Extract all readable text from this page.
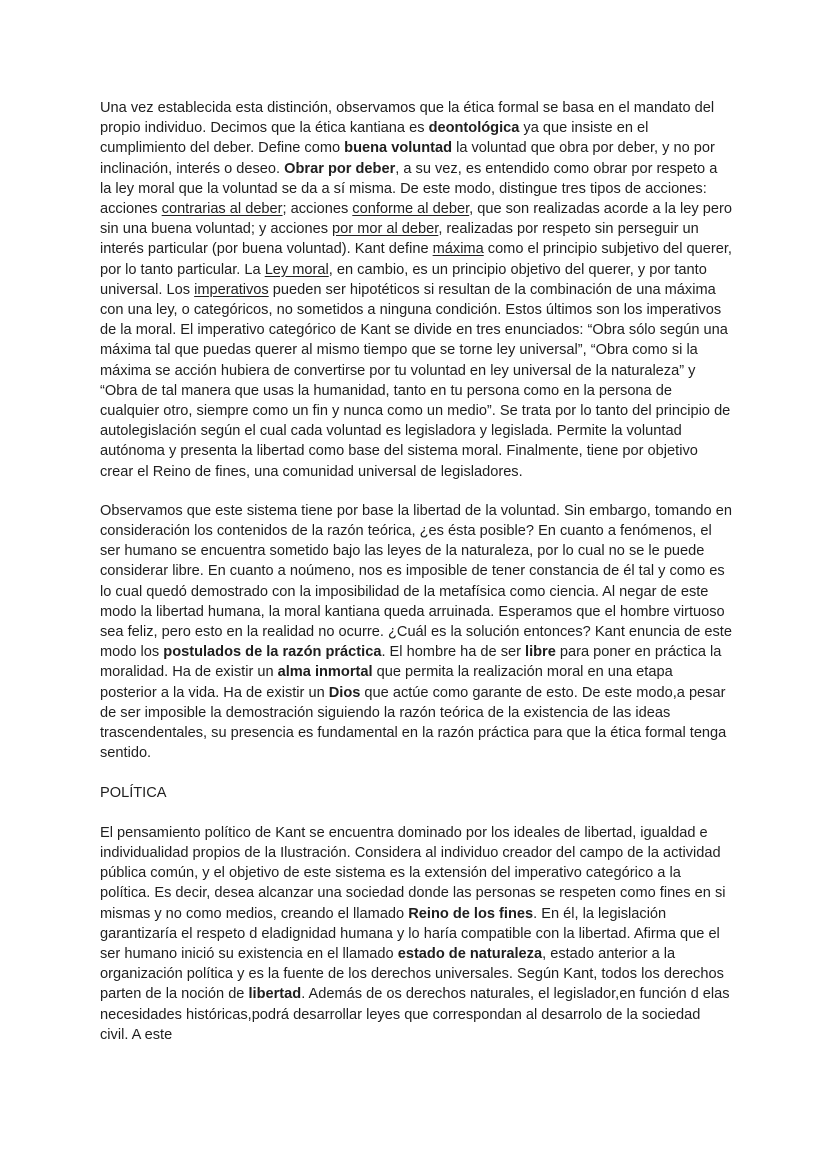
Una vez establecida esta distinción, observamos que la ética formal se basa en el mandato del propio individuo. Decimos que la ética kantiana es deontológica ya que insiste en el cumplimiento del deber. Define como buena voluntad la voluntad que obra por deber, y no por inclinación, interés o deseo. Obrar por deber, a su vez, es entendido como obrar por respeto a la ley moral que la voluntad se da a sí misma. De este modo, distingue tres tipos de acciones: acciones contrarias al deber; acciones conforme al deber, que son realizadas acorde a la ley pero sin una buena voluntad; y acciones por mor al deber, realizadas por respeto sin perseguir un interés particular (por buena voluntad). Kant define máxima como el principio subjetivo del querer, por lo tanto particular. La Ley moral, en cambio, es un principio objetivo del querer, y por tanto universal. Los imperativos pueden ser hipotéticos si resultan de la combinación de una máxima con una ley, o categóricos, no sometidos a ninguna condición. Estos últimos son los imperativos de la moral. El imperativo categórico de Kant se divide en tres enunciados: “Obra sólo según una máxima tal que puedas querer al mismo tiempo que se torne ley universal”, “Obra como si la máxima se acción hubiera de convertirse por tu voluntad en ley universal de la naturaleza” y “Obra de tal manera que usas la humanidad, tanto en tu persona como en la persona de cualquier otro, siempre como un fin y nunca como un medio”. Se trata por lo tanto del principio de autolegislación según el cual cada voluntad es legisladora y legislada. Permite la voluntad autónoma y presenta la libertad como base del sistema moral. Finalmente, tiene por objetivo crear el Reino de fines, una comunidad universal de legisladores.

Observamos que este sistema tiene por base la libertad de la voluntad. Sin embargo, tomando en consideración los contenidos de la razón teórica, ¿es ésta posible? En cuanto a fenómenos, el ser humano se encuentra sometido bajo las leyes de la naturaleza, por lo cual no se le puede considerar libre. En cuanto a noúmeno, nos es imposible de tener constancia de él tal y como es lo cual quedó demostrado con la imposibilidad de la metafísica como ciencia. Al negar de este modo la libertad humana, la moral kantiana queda arruinada. Esperamos que el hombre virtuoso sea feliz, pero esto en la realidad no ocurre. ¿Cuál es la solución entonces? Kant enuncia de este modo los postulados de la razón práctica. El hombre ha de ser libre para poner en práctica la moralidad. Ha de existir un alma inmortal que permita la realización moral en una etapa posterior a la vida. Ha de existir un Dios que actúe como garante de esto. De este modo,a pesar de ser imposible la demostración siguiendo la razón teórica de la existencia de las ideas trascendentales, su presencia es fundamental en la razón práctica para que la ética formal tenga sentido.

POLÍTICA

El pensamiento político de Kant se encuentra dominado por los ideales de libertad, igualdad e individualidad propios de la Ilustración. Considera al individuo creador del campo de la actividad pública común, y el objetivo de este sistema es la extensión del imperativo categórico a la política. Es decir, desea alcanzar una sociedad donde las personas se respeten como fines en si mismas y no como medios, creando el llamado Reino de los fines. En él, la legislación garantizaría el respeto d eladignidad humana y lo haría compatible con la libertad. Afirma que el ser humano inició su existencia en el llamado estado de naturaleza, estado anterior a la organización política y es la fuente de los derechos universales. Según Kant, todos los derechos parten de la noción de libertad. Además de os derechos naturales, el legislador,en función d elas necesidades históricas,podrá desarrollar leyes que correspondan al desarrolo de la sociedad civil. A este
